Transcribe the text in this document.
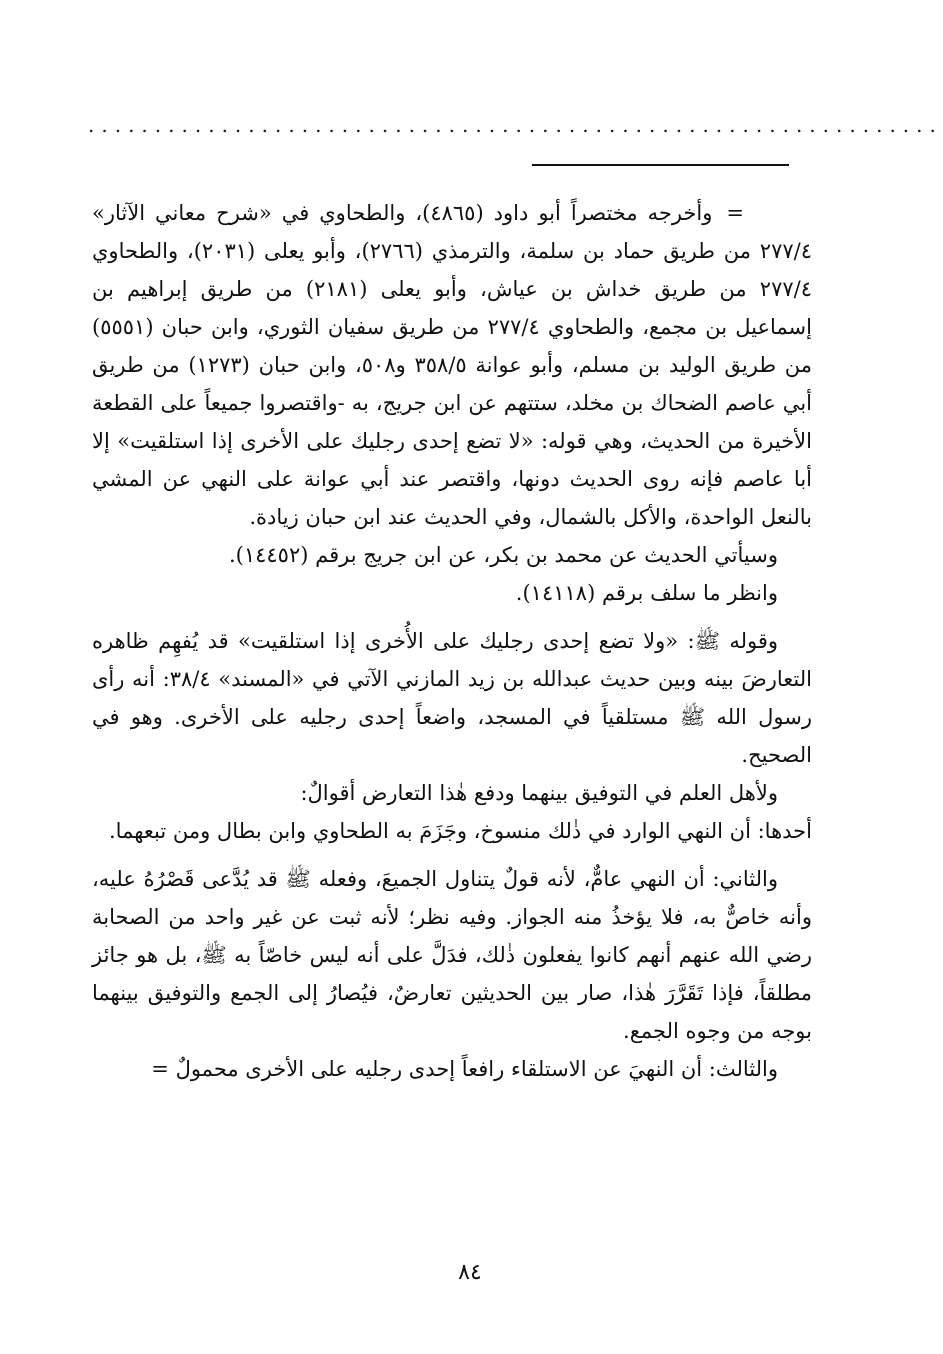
................................................................

=وأخرجه مختصراً أبو داود (٤٨٦٥)، والطحاوي في «شرح معاني الآثار» ٢٧٧/٤ من طريق حماد بن سلمة، والترمذي (٢٧٦٦)، وأبو يعلى (٢٠٣١)، والطحاوي ٢٧٧/٤ من طريق خداش بن عياش، وأبو يعلى (٢١٨١) من طريق إبراهيم بن إسماعيل بن مجمع، والطحاوي ٢٧٧/٤ من طريق سفيان الثوري، وابن حبان (٥٥٥١) من طريق الوليد بن مسلم، وأبو عوانة ٣٥٨/٥ و٥٠٨، وابن حبان (١٢٧٣) من طريق أبي عاصم الضحاك بن مخلد، ستتهم عن ابن جريج، به -واقتصروا جميعاً على القطعة الأخيرة من الحديث، وهي قوله: «لا تضع إحدى رجليك على الأخرى إذا استلقيت» إلا أبا عاصم فإنه روى الحديث دونها، واقتصر عند أبي عوانة على النهي عن المشي بالنعل الواحدة، والأكل بالشمال، وفي الحديث عند ابن حبان زيادة.

وسيأتي الحديث عن محمد بن بكر، عن ابن جريج برقم (١٤٤٥٢).

وانظر ما سلف برقم (١٤١١٨).

وقوله ﷺ: «ولا تضع إحدى رجليك على الأُخرى إذا استلقيت» قد يُفهِم ظاهره التعارضَ بينه وبين حديث عبدالله بن زيد المازني الآتي في «المسند» ٣٨/٤: أنه رأى رسول الله ﷺ مستلقياً في المسجد، واضعاً إحدى رجليه على الأخرى. وهو في الصحيح.

ولأهل العلم في التوفيق بينهما ودفع هٰذا التعارض أقوالٌ:

أحدها: أن النهي الوارد في ذٰلك منسوخ، وجَزَمَ به الطحاوي وابن بطال ومن تبعهما.

والثاني: أن النهي عامٌّ، لأنه قولٌ يتناول الجميعَ، وفعله ﷺ قد يُدَّعى قَصْرُهُ عليه، وأنه خاصٌّ به، فلا يؤخذُ منه الجواز. وفيه نظر؛ لأنه ثبت عن غير واحد من الصحابة رضي الله عنهم أنهم كانوا يفعلون ذٰلك، فدَلَّ على أنه ليس خاصّاً به ﷺ، بل هو جائز مطلقاً، فإذا تَقَرَّرَ هٰذا، صار بين الحديثين تعارضٌ، فيُصارُ إلى الجمع والتوفيق بينهما بوجه من وجوه الجمع.

والثالث: أن النهيَ عن الاستلقاء رافعاً إحدى رجليه على الأخرى محمولٌ =

٨٤
